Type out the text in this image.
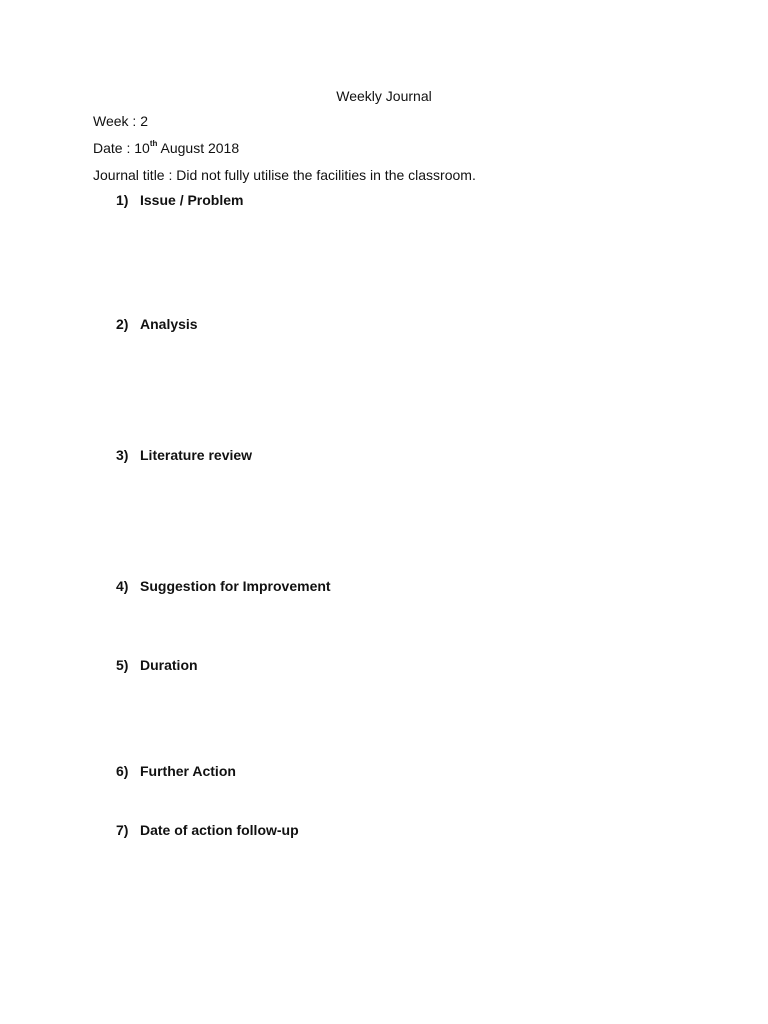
Weekly Journal
Week : 2
Date : 10th August 2018
Journal title : Did not fully utilise the facilities in the classroom.
1) Issue / Problem
2) Analysis
3) Literature review
4) Suggestion for Improvement
5) Duration
6) Further Action
7) Date of action follow-up
